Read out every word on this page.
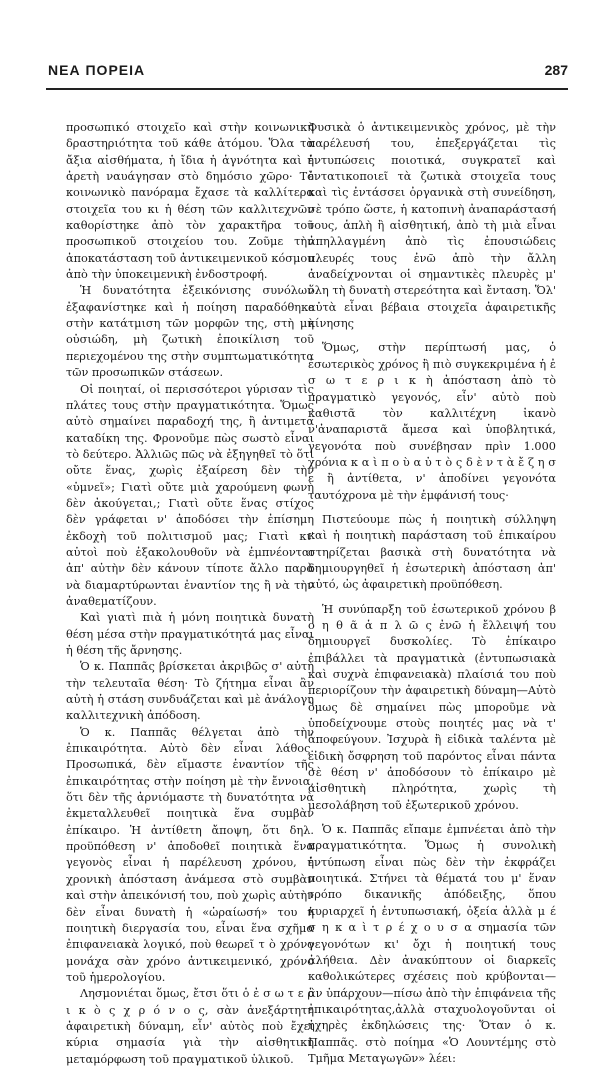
ΝΕΑ ΠΟΡΕΙΑ	287

προσωπικό στοιχεῖο καὶ στὴν κοινωνικὴ δραστηριότητα τοῦ κάθε ἀτόμου. Ὅλα τὰ ἄξια αἰσθήματα, ἡ ἴδια ἡ ἁγνότητα καὶ ἡ ἀρετὴ ναυάγησαν στὸ δημόσιο χῶρο· Τὸ κοινωνικὸ πανόραμα ἔχασε τὰ καλλίτερα στοιχεῖα του κι ἡ θέση τῶν καλλιτεχνῶν καθορίστηκε ἀπὸ τὸν χαρακτῆρα τοῦ προσωπικοῦ στοιχείου του. Ζοῦμε τὴν ἀποκατάσταση τοῦ ἀντικειμενικοῦ κόσμου ἀπὸ τὴν ὑποκειμενικὴ ἐνδοστροφή.

Ἡ δυνατότητα ἐξεικόνισης συνόλων ἐξαφανίστηκε καὶ ἡ ποίηση παραδόθηκε στὴν κατάτμιση τῶν μορφῶν της, στὴ μὴ οὐσιώδη, μὴ ζωτικὴ ἐποικίλιση τοῦ περιεχομένου της στὴν συμπτωματικότητα τῶν προσωπικῶν στάσεων.

Οἱ ποιηταί, οἱ περισσότεροι γύρισαν τὶς πλάτες τους στὴν πραγματικότητα. Ὅμως αὐτὸ σημαίνει παραδοχή της, ἢ ἀντιμετα καταδίκη της. Φρονοῦμε πὼς σωστὸ εἶναι τὸ δεύτερο. Ἀλλιῶς πῶς νὰ ἐξηγηθεῖ τὸ ὅτι οὔτε ἕνας, χωρὶς ἐξαίρεση δὲν τὴν «ὑμνεῖ»; Γιατὶ οὔτε μιὰ χαρούμενη φωνὴ δὲν ἀκούγεται,; Γιατὶ οὔτε ἕνας στίχος δὲν γράφεται ν' ἀποδόσει τὴν ἐπίσημη ἐκδοχὴ τοῦ πολιτισμοῦ μας; Γιατὶ κι' αὐτοὶ ποὺ ἐξακολουθοῦν νὰ ἐμπνέονται ἀπ' αὐτὴν δὲν κάνουν τίποτε ἄλλο παρὰ νὰ διαμαρτύρωνται ἐναντίον της ἢ νὰ τὴν ἀναθεματίζουν.

Καὶ γιατὶ πιὰ ἡ μόνη ποιητικὰ δυνατὴ θέση μέσα στὴν πραγματικότητά μας εἶναι ἡ θέση τῆς ἄρνησης.

Ὁ κ. Παππᾶς βρίσκεται ἀκριβῶς σ' αὐτὴ τὴν τελευταῖα θέση· Τὸ ζήτημα εἶναι ἂν αὐτὴ ἡ στάση συνδυάζεται καὶ μὲ ἀνάλογη καλλιτεχνικὴ ἀπόδοση.

Ὁ κ. Παππᾶς θέλγεται ἀπὸ τὴν ἐπικαιρότητα. Αὐτὸ δὲν εἶναι λάθος. Προσωπικά, δὲν εἴμαστε ἐναντίον τῆς ἐπικαιρότητας στὴν ποίηση μὲ τὴν ἔννοια, ὅτι δὲν τῆς ἀρνιόμαστε τὴ δυνατότητα νὰ ἐκμεταλλευθεῖ ποιητικὰ ἕνα συμβὰν ἐπίκαιρο. Ἡ ἀντίθετη ἄποψη, ὅτι δηλ. προϋπόθεση ν' ἀποδοθεῖ ποιητικὰ ἕνα γεγονὸς εἶναι ἡ παρέλευση χρόνου, ἡ χρονικὴ ἀπόσταση ἀνάμεσα στὸ συμβὰν καὶ στὴν ἀπεικόνισή του, ποὺ χωρὶς αὐτὴν δὲν εἶναι δυνατὴ ἡ «ὡραίωσή» του ἡ ποιητικὴ διεργασία του, εἶναι ἕνα σχῆμα ἐπιφανειακὰ λογικό, ποὺ θεωρεῖ τ ὸ χρόνο μονάχα σὰν χρόνο ἀντικειμενικό, χρόνο τοῦ ἡμερολογίου.

Λησμονιέται ὅμως, ἔτσι ὅτι ὁ ἐ σ ω τ ε ρ ι κ ὸ ς χ ρ ό ν ο ς, σὰν ἀνεξάρτητη ἀφαιρετικὴ δύναμη, εἶν' αὐτὸς ποὺ ἔχει κύρια σημασία γιὰ τὴν αἰσθητικὴ μεταμόρφωση τοῦ πραγματικοῦ ὑλικοῦ.

Φυσικὰ ὁ ἀντικειμενικὸς χρόνος, μὲ τὴν παρέλευσή του, ἐπεξεργάζεται τὶς ἐντυπώσεις ποιοτικά, συγκρατεῖ καὶ ἐντατικοποιεῖ τὰ ζωτικὰ στοιχεῖα τους καὶ τὶς ἐντάσσει ὀργανικὰ στὴ συνείδηση, σὲ τρόπο ὥστε, ἡ κατοπινὴ ἀναπαράστασή τους, ἁπλὴ ἢ αἰσθητική, ἀπὸ τὴ μιὰ εἶναι ἀπηλλαγμένη ἀπὸ τὶς ἐπουσιώδεις πλευρές τους ἐνῶ ἀπὸ τὴν ἄλλη ἀναδείχνονται οἱ σημαντικὲς πλευρὲς μ' ὅλη τὴ δυνατὴ στερεότητα καὶ ἔνταση. Ὅλ' αὐτὰ εἶναι βέβαια στοιχεῖα ἀφαιρετικῆς κίνησης

Ὅμως, στὴν περίπτωσή μας, ὁ ἐσωτερικὸς χρόνος ἢ πιὸ συγκεκριμένα ἡ ἐ σ ω τ ε ρ ι κ ὴ ἀπόσταση ἀπὸ τὸ πραγματικὸ γεγονός, εἶν' αὐτὸ ποὺ καθιστᾶ τὸν καλλιτέχνη ἱκανὸ ν'ἀναπαριστᾶ ἄμεσα καὶ ὑποβλητικά, γεγονότα ποὺ συνέβησαν πρὶν 1.000 χρόνια κ α ὶ π ο ὺ α ὐ τ ὸ ς δ ὲ ν τ ὰ ἔ ζ η σ ε ἢ ἀντίθετα, ν' ἀποδίνει γεγονότα ταυτόχρονα μὲ τὴν ἐμφάνισή τους·

Πιστεύουμε πὼς ἡ ποιητικὴ σύλληψη καὶ ἡ ποιητικὴ παράσταση τοῦ ἐπικαίρου στηρίζεται βασικὰ στὴ δυνατότητα νὰ δημιουργηθεῖ ἡ ἐσωτερικὴ ἀπόσταση ἀπ' αὐτό, ὡς ἀφαιρετικὴ προϋπόθεση.

Ἡ συνύπαρξη τοῦ ἐσωτερικοῦ χρόνου β ο η θ ᾶ ἁ π λ ῶ ς ἐνῶ ἡ ἔλλειψή του δημιουργεῖ δυσκολίες. Τὸ ἐπίκαιρο ἐπιβάλλει τὰ πραγματικὰ (ἐντυπωσιακὰ καὶ συχνὰ ἐπιφανειακὰ) πλαίσιά του ποὺ περιορίζουν τὴν ἀφαιρετικὴ δύναμη—Αὐτὸ ὅμως δὲ σημαίνει πὼς μποροῦμε νὰ ὑποδείχνουμε στοὺς ποιητές μας νὰ τ' ἀποφεύγουν. Ἰσχυρὰ ἢ εἰδικὰ ταλέντα μὲ εἰδικὴ ὄσφρηση τοῦ παρόντος εἶναι πάντα σὲ θέση ν' ἀποδόσουν τὸ ἐπίκαιρο μὲ αἰσθητικὴ πληρότητα, χωρὶς τὴ μεσολάβηση τοῦ ἐξωτερικοῦ χρόνου.

Ὁ κ. Παππᾶς εἴπαμε ἐμπνέεται ἀπὸ τὴν πραγματικότητα. Ὅμως ἡ συνολικὴ ἐντύπωση εἶναι πὼς δὲν τὴν ἐκφράζει ποιητικά. Στήνει τὰ θέματά του μ' ἕναν τρόπο δικανικῆς ἀπόδειξης, ὅπου κυριαρχεῖ ἡ ἐντυπωσιακή, ὀξεία ἀλλὰ μ έ σ η κ α ὶ τ ρ έ χ ο υ σ α σημασία τῶν γεγονότων κι' ὄχι ἡ ποιητική τους ἀλήθεια. Δὲν ἀνακύπτουν οἱ διαρκεῖς καθολικώτερες σχέσεις ποὺ κρύβονται—ἂν ὑπάρχουν—πίσω ἀπὸ τὴν ἐπιφάνεια τῆς ἐπικαιρότητας,ἀλλὰ σταχυολογοῦνται οἱ ἠχηρὲς ἐκδηλώσεις της· Ὅταν ὁ κ. Παππᾶς. στὸ ποίημα «Ὁ Λουντέμης στὸ Τμῆμα Μεταγωγῶν» λέει:
